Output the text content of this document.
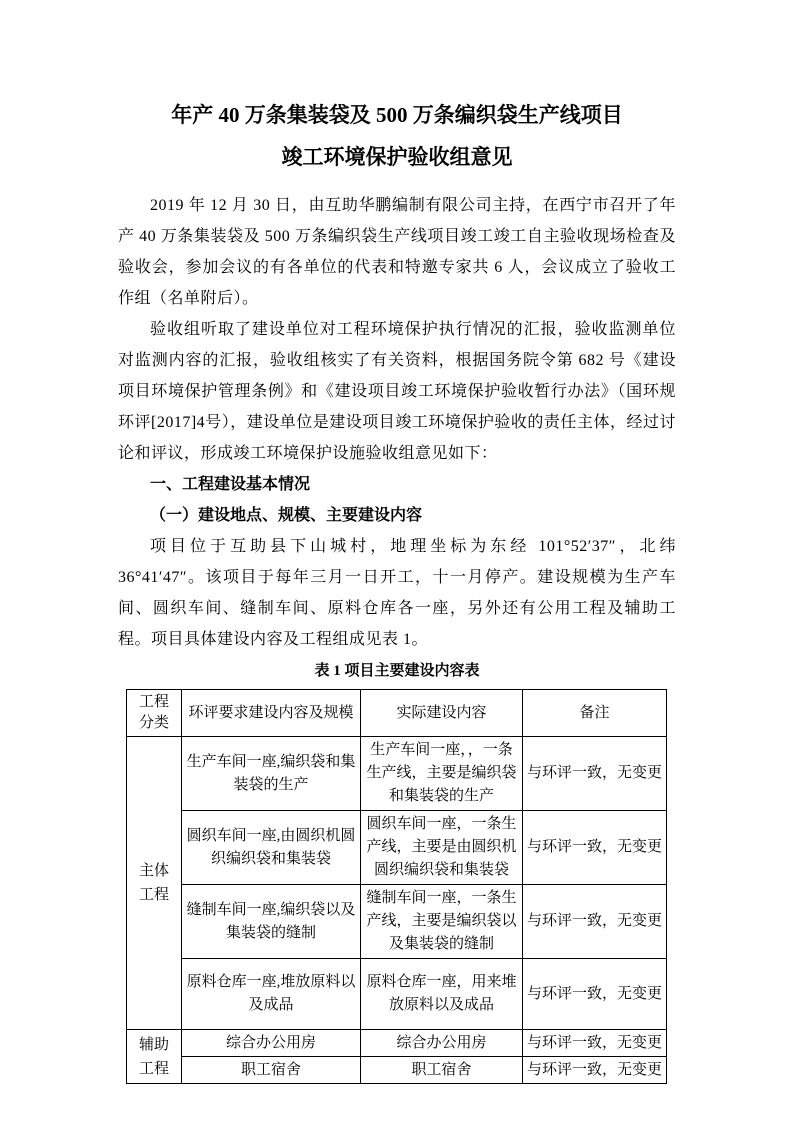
年产 40 万条集装袋及 500 万条编织袋生产线项目
竣工环境保护验收组意见

2019 年 12 月 30 日，由互助华鹏编制有限公司主持，在西宁市召开了年产 40 万条集装袋及 500 万条编织袋生产线项目竣工竣工自主验收现场检查及验收会，参加会议的有各单位的代表和特邀专家共 6 人，会议成立了验收工作组（名单附后）。

验收组听取了建设单位对工程环境保护执行情况的汇报，验收监测单位对监测内容的汇报，验收组核实了有关资料，根据国务院令第 682 号《建设项目环境保护管理条例》和《建设项目竣工环境保护验收暂行办法》（国环规环评[2017]4号），建设单位是建设项目竣工环境保护验收的责任主体，经过讨论和评议，形成竣工环境保护设施验收组意见如下：

一、工程建设基本情况
（一）建设地点、规模、主要建设内容

项目位于互助县下山城村，地理坐标为东经 101°52′37″，北纬 36°41′47″。该项目于每年三月一日开工，十一月停产。建设规模为生产车间、圆织车间、缝制车间、原料仓库各一座，另外还有公用工程及辅助工程。项目具体建设内容及工程组成见表 1。

表 1 项目主要建设内容表
工程分类	环评要求建设内容及规模	实际建设内容	备注

主体工程	生产车间一座,编织袋和集装袋的生产	生产车间一座，，一条生产线，主要是编织袋和集装袋的生产	与环评一致，无变更
	圆织车间一座,由圆织机圆织编织袋和集装袋	圆织车间一座，一条生产线，主要是由圆织机圆织编织袋和集装袋	与环评一致，无变更
	缝制车间一座,编织袋以及集装袋的缝制	缝制车间一座，一条生产线，主要是编织袋以及集装袋的缝制	与环评一致，无变更
	原料仓库一座,堆放原料以及成品	原料仓库一座，用来堆放原料以及成品	与环评一致，无变更

辅助工程	综合办公用房	综合办公用房	与环评一致，无变更
	职工宿舍	职工宿舍	与环评一致，无变更
